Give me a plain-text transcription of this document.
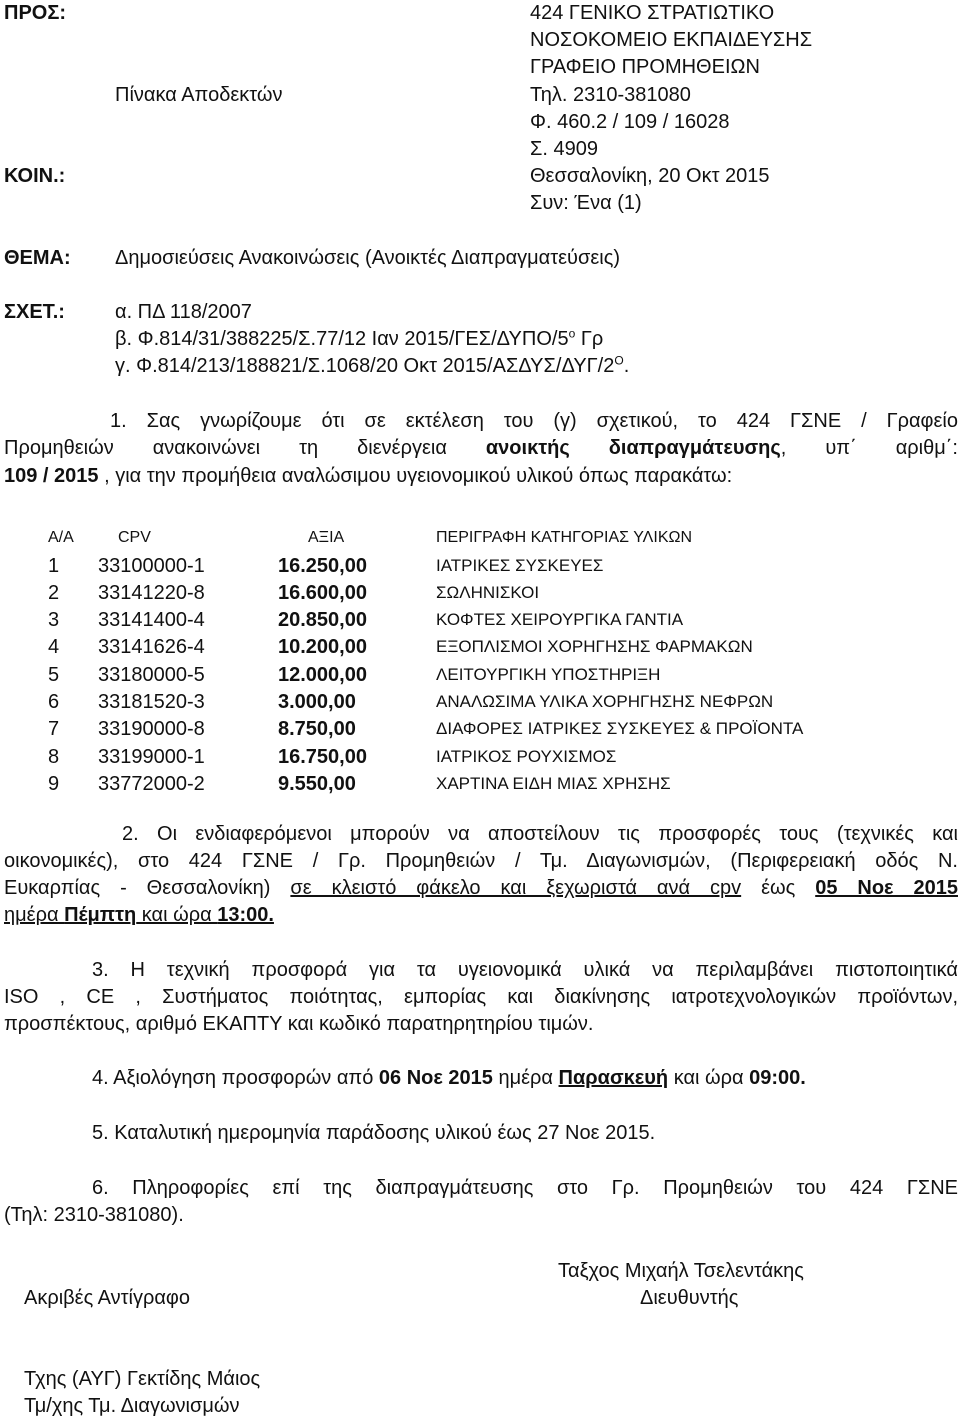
ΠΡΟΣ:
Πίνακα Αποδεκτών
ΚΟΙΝ.:
424 ΓΕΝΙΚΟ ΣΤΡΑΤΙΩΤΙΚΟ
ΝΟΣΟΚΟΜΕΙΟ ΕΚΠΑΙΔΕΥΣΗΣ
ΓΡΑΦΕΙΟ ΠΡΟΜΗΘΕΙΩΝ
Τηλ. 2310-381080
Φ. 460.2 / 109 / 16028
Σ. 4909
Θεσσαλονίκη, 20 Οκτ 2015
Συν: Ένα (1)
ΘΕΜΑ: Δημοσιεύσεις Ανακοινώσεις (Ανοικτές Διαπραγματεύσεις)
ΣΧΕΤ.:	α. ΠΔ 118/2007
β. Φ.814/31/388225/Σ.77/12 Ιαν $2015/\Gamma E\Sigma/\Delta\Upsilon\Pi O/5^o$ Γρ
γ. Φ.814/213/188821/Σ.1068/20 Οκτ $2015/A\Sigma\Delta\Upsilon\Sigma/\Delta\Upsilon\Gamma/2^O$.
1. Σας γνωρίζουμε ότι σε εκτέλεση του (γ) σχετικού, το 424 ΓΣΝΕ / Γραφείο
Προμηθειών ανακοινώνει τη διενέργεια ανοικτής διαπραγμάτευσης, υπ΄ αριθμ΄:
109 / 2015 , για την προμήθεια αναλώσιμου υγειονομικού υλικού όπως παρακάτω:
Α/Α	CPV	ΑΞΙΑ	ΠΕΡΙΓΡΑΦΗ ΚΑΤΗΓΟΡΙΑΣ ΥΛΙΚΩΝ
1	33100000-1	16.250,00	ΙΑΤΡΙΚΕΣ ΣΥΣΚΕΥΕΣ
2	33141220-8	16.600,00	ΣΩΛΗΝΙΣΚΟΙ
3	33141400-4	20.850,00	ΚΟΦΤΕΣ ΧΕΙΡΟΥΡΓΙΚΑ ΓΑΝΤΙΑ
4	33141626-4	10.200,00	ΕΞΟΠΛΙΣΜΟΙ ΧΟΡΗΓΗΣΗΣ ΦΑΡΜΑΚΩΝ
5	33180000-5	12.000,00	ΛΕΙΤΟΥΡΓΙΚΗ ΥΠΟΣΤΗΡΙΞΗ
6	33181520-3	3.000,00	ΑΝΑΛΩΣΙΜΑ ΥΛΙΚΑ ΧΟΡΗΓΗΣΗΣ ΝΕΦΡΩΝ
7	33190000-8	8.750,00	ΔΙΑΦΟΡΕΣ ΙΑΤΡΙΚΕΣ ΣΥΣΚΕΥΕΣ & ΠΡΟΪΟΝΤΑ
8	33199000-1	16.750,00	ΙΑΤΡΙΚΟΣ ΡΟΥΧΙΣΜΟΣ
9	33772000-2	9.550,00	ΧΑΡΤΙΝΑ ΕΙΔΗ ΜΙΑΣ ΧΡΗΣΗΣ
2. Οι ενδιαφερόμενοι μπορούν να αποστείλουν τις προσφορές τους (τεχνικές και
οικονομικές), στο 424 ΓΣΝΕ / Γρ. Προμηθειών / Τμ. Διαγωνισμών, (Περιφερειακή οδός Ν.
Ευκαρπίας - Θεσσαλονίκη) σε κλειστό φάκελο και ξεχωριστά ανά cpv έως 05 Νοε 2015
ημέρα Πέμπτη και ώρα 13:00.
3. Η τεχνική προσφορά για τα υγειονομικά υλικά να περιλαμβάνει πιστοποιητικά
ISO , CE , Συστήματος ποιότητας, εμπορίας και διακίνησης ιατροτεχνολογικών προϊόντων,
προσπέκτους, αριθμό ΕΚΑΠΤΥ και κωδικό παρατηρητηρίου τιμών.
4. Αξιολόγηση προσφορών από 06 Νοε 2015 ημέρα Παρασκευή και ώρα 09:00.
5. Καταλυτική ημερομηνία παράδοσης υλικού έως 27 Νοε 2015.
6. Πληροφορίες επί της διαπραγμάτευσης στο Γρ. Προμηθειών του 424 ΓΣΝΕ
(Τηλ: 2310-381080).
Ταξχος Μιχαήλ Τσελεντάκης
Διευθυντής
Ακριβές Αντίγραφο
Τχης (ΑΥΓ) Γεκτίδης Μάιος
Τμ/χης Τμ. Διαγωνισμών
